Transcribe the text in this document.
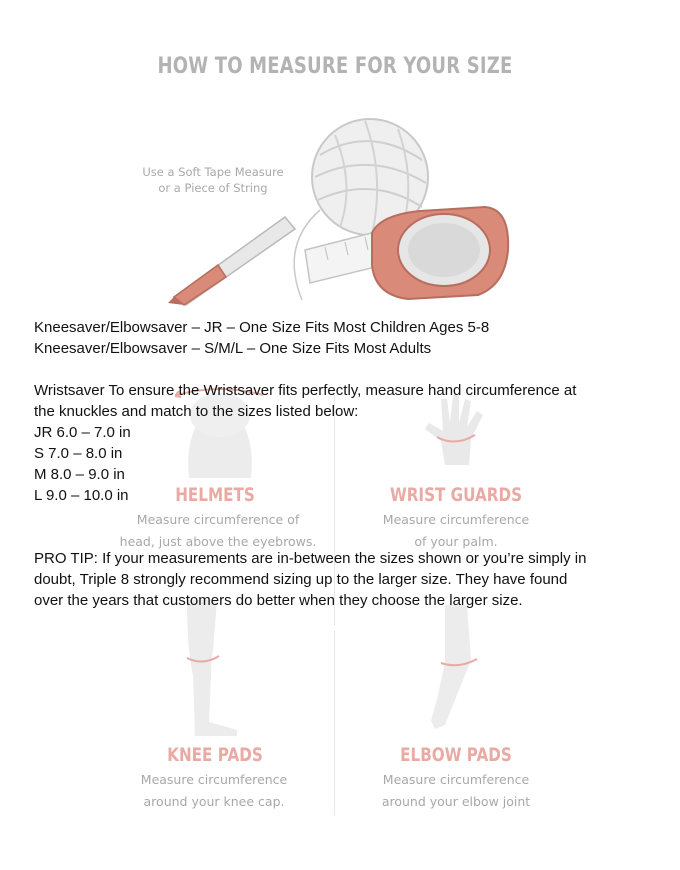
HOW TO MEASURE FOR YOUR SIZE
Use a Soft Tape Measure
or a Piece of String
HELMETS
Measure circumference of
head, just above the eyebrows.
WRIST GUARDS
Measure circumference
of your palm.
KNEE PADS
Measure circumference
around your knee cap.
ELBOW PADS
Measure circumference
around your elbow joint
Kneesaver/Elbowsaver – JR – One Size Fits Most Children Ages 5-8
Kneesaver/Elbowsaver – S/M/L – One Size Fits Most Adults
Wristsaver To ensure the Wristsaver fits perfectly, measure hand circumference at
the knuckles and match to the sizes listed below:
JR 6.0 – 7.0 in
S 7.0 – 8.0 in
M 8.0 – 9.0 in
L 9.0 – 10.0 in
PRO TIP: If your measurements are in-between the sizes shown or you’re simply in
doubt, Triple 8 strongly recommend sizing up to the larger size. They have found
over the years that customers do better when they choose the larger size.
